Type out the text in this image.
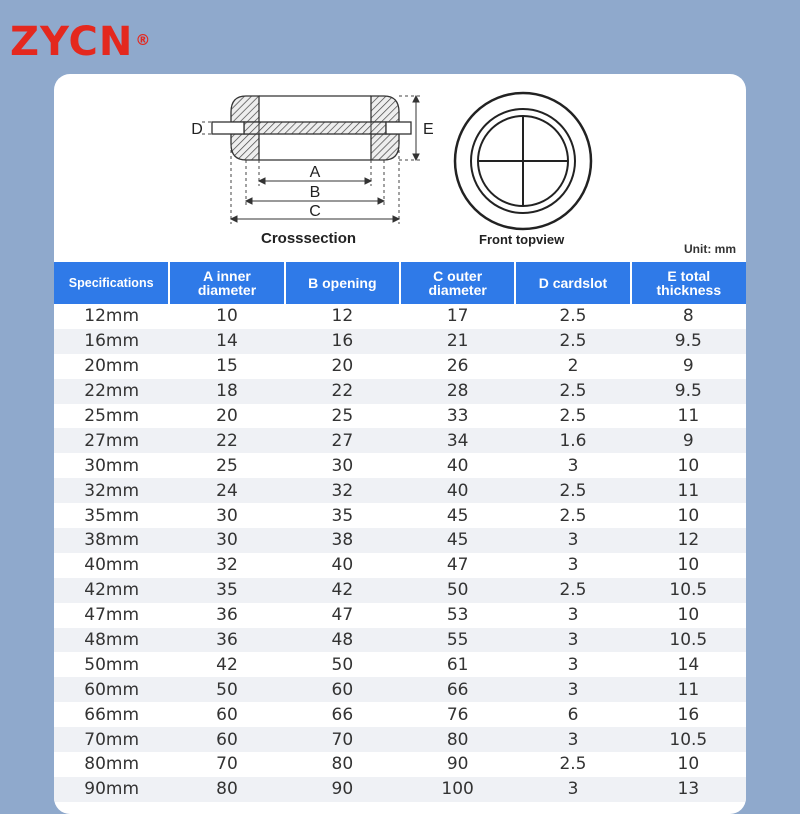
ZYCN ®
A
B
C
D	E
Crosssection	Front topview
Unit: mm
Specifications	A inner diameter	B opening	C outer diameter	D cardslot	E total thickness
12mm	10	12	17	2.5	8
16mm	14	16	21	2.5	9.5
20mm	15	20	26	2	9
22mm	18	22	28	2.5	9.5
25mm	20	25	33	2.5	11
27mm	22	27	34	1.6	9
30mm	25	30	40	3	10
32mm	24	32	40	2.5	11
35mm	30	35	45	2.5	10
38mm	30	38	45	3	12
40mm	32	40	47	3	10
42mm	35	42	50	2.5	10.5
47mm	36	47	53	3	10
48mm	36	48	55	3	10.5
50mm	42	50	61	3	14
60mm	50	60	66	3	11
66mm	60	66	76	6	16
70mm	60	70	80	3	10.5
80mm	70	80	90	2.5	10
90mm	80	90	100	3	13
